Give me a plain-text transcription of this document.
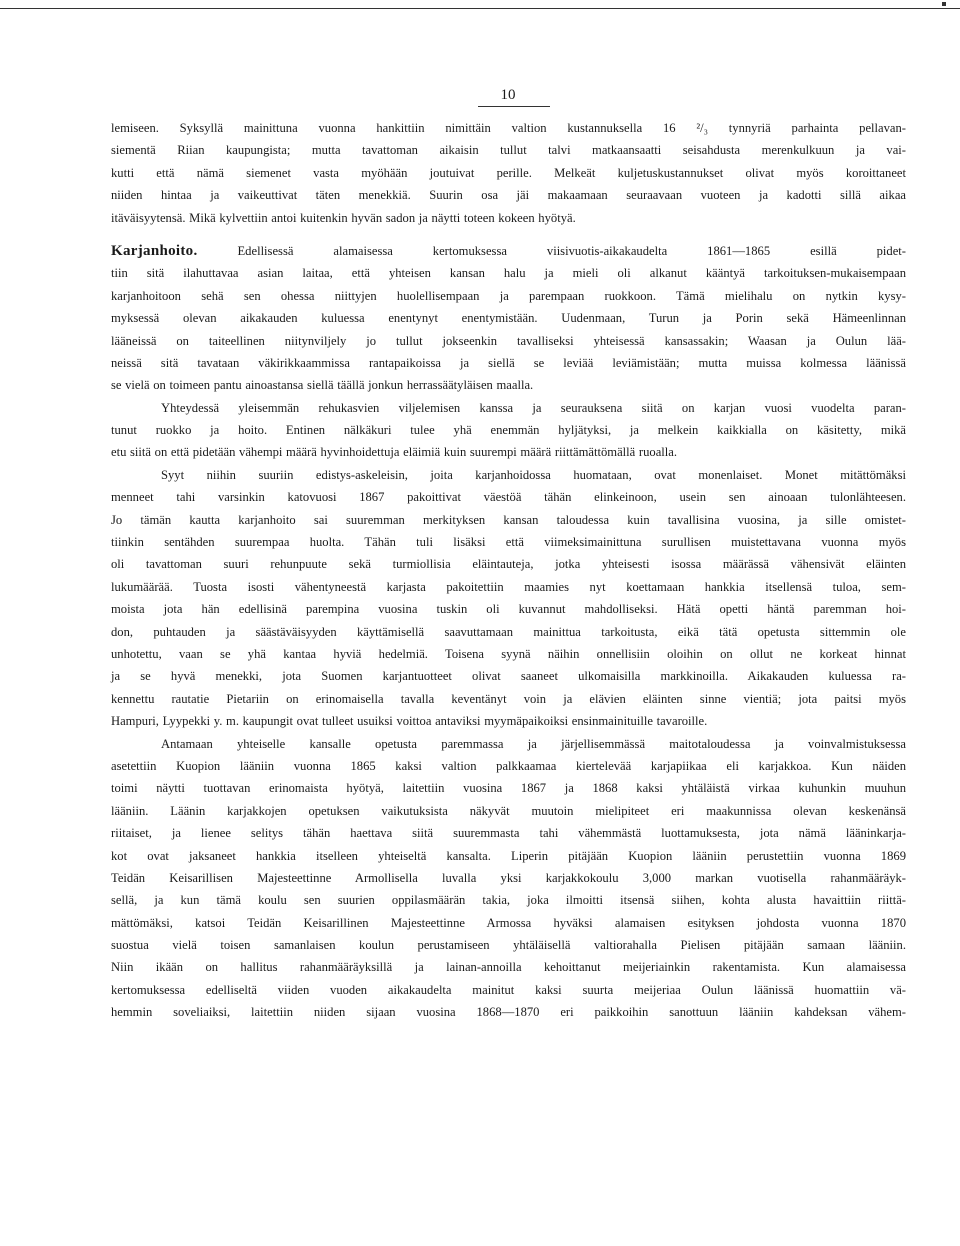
10
lemiseen. Syksyllä mainittuna vuonna hankittiin nimittäin valtion kustannuksella 16 ²/₃ tynnyriä parhainta pellavan-
siementä Riian kaupungista; mutta tavattoman aikaisin tullut talvi matkaansaatti seisahdusta merenkulkuun ja vai-
kutti että nämä siemenet vasta myöhään joutuivat perille. Melkeät kuljetuskustannukset olivat myös koroittaneet
niiden hintaa ja vaikeuttivat täten menekkiä. Suurin osa jäi makaamaan seuraavaan vuoteen ja kadotti sillä aikaa
itäväisyytensä. Mikä kylvettiin antoi kuitenkin hyvän sadon ja näytti toteen kokeen hyötyä.
Karjanhoito.	Edellisessä alamaisessa kertomuksessa viisivuotis-aikakaudelta 1861—1865 esillä pidet-
tiin sitä ilahuttavaa asian laitaa, että yhteisen kansan halu ja mieli oli alkanut kääntyä tarkoituksen-mukaisempaan
karjanhoitoon sehä sen ohessa niittyjen huolellisempaan ja parempaan ruokkoon. Tämä mielihalu on nytkin kysy-
myksessä olevan aikakauden kuluessa enentynyt enentymistään. Uudenmaan, Turun ja Porin sekä Hämeenlinnan
lääneissä on taiteellinen niitynviljely jo tullut jokseenkin tavalliseksi yhteisessä kansassakin; Waasan ja Oulun lää-
neissä sitä tavataan väkirikkaammissa rantapaikoissa ja siellä se leviää leviämistään; mutta muissa kolmessa läänissä
se vielä on toimeen pantu ainoastansa siellä täällä jonkun herrassäätyläisen maalla.
Yhteydessä yleisemmän rehukasvien viljelemisen kanssa ja seurauksena siitä on karjan vuosi vuodelta paran-
tunut ruokko ja hoito. Entinen nälkäkuri tulee yhä enemmän hyljätyksi, ja melkein kaikkialla on käsitetty, mikä
etu siitä on että pidetään vähempi määrä hyvinhoidettuja eläimiä kuin suurempi määrä riittämättömällä ruoalla.
Syyt niihin suuriin edistys-askeleisin, joita karjanhoidossa huomataan, ovat monenlaiset. Monet mitättömäksi
menneet tahi varsinkin katovuosi 1867 pakoittivat väestöä tähän elinkeinoon, usein sen ainoaan tulonlähteesen.
Jo tämän kautta karjanhoito sai suuremman merkityksen kansan taloudessa kuin tavallisina vuosina, ja sille omistet-
tiinkin sentähden suurempaa huolta. Tähän tuli lisäksi että viimeksimainittuna surullisen muistettavana vuonna myös
oli tavattoman suuri rehunpuute sekä turmiollisia eläintauteja, jotka yhteisesti isossa määrässä vähensivät eläinten
lukumäärää. Tuosta isosti vähentyneestä karjasta pakoitettiin maamies nyt koettamaan hankkia itsellensä tuloa, sem-
moista jota hän edellisinä parempina vuosina tuskin oli kuvannut mahdolliseksi. Hätä opetti häntä paremman hoi-
don, puhtauden ja säästäväisyyden käyttämisellä saavuttamaan mainittua tarkoitusta, eikä tätä opetusta sittemmin ole
unhotettu, vaan se yhä kantaa hyviä hedelmiä. Toisena syynä näihin onnellisiin oloihin on ollut ne korkeat hinnat
ja se hyvä menekki, jota Suomen karjantuotteet olivat saaneet ulkomaisilla markkinoilla. Aikakauden kuluessa ra-
kennettu rautatie Pietariin on erinomaisella tavalla keventänyt voin ja elävien eläinten sinne vientiä; jota paitsi myös
Hampuri, Lyypekki y. m. kaupungit ovat tulleet usuiksi voittoa antaviksi myymäpaikoiksi ensinmainituille tavaroille.
Antamaan yhteiselle kansalle opetusta paremmassa ja järjellisemmässä maitotaloudessa ja voinvalmistuksessa
asetettiin Kuopion lääniin vuonna 1865 kaksi valtion palkkaamaa kiertelevää karjapiikaa eli karjakkoa. Kun näiden
toimi näytti tuottavan erinomaista hyötyä, laitettiin vuosina 1867 ja 1868 kaksi yhtäläistä virkaa kuhunkin muuhun
lääniin. Läänin karjakkojen opetuksen vaikutuksista näkyvät muutoin mielipiteet eri maakunnissa olevan keskenänsä
riitaiset, ja lienee selitys tähän haettava siitä suuremmasta tahi vähemmästä luottamuksesta, jota nämä lääninkarja-
kot ovat jaksaneet hankkia itselleen yhteiseltä kansalta. Liperin pitäjään Kuopion lääniin perustettiin vuonna 1869
Teidän Keisarillisen Majesteettinne Armollisella luvalla yksi karjakkokoulu 3,000 markan vuotisella rahanmääräyk-
sellä, ja kun tämä koulu sen suurien oppilasmäärän takia, joka ilmoitti itsensä siihen, kohta alusta havaittiin riittä-
mättömäksi, katsoi Teidän Keisarillinen Majesteettinne Armossa hyväksi alamaisen esityksen johdosta vuonna 1870
suostua vielä toisen samanlaisen koulun perustamiseen yhtäläisellä valtiorahalla Pielisen pitäjään samaan lääniin.
Niin ikään on hallitus rahanmääräyksillä ja lainan-annoilla kehoittanut meijeriainkin rakentamista. Kun alamaisessa
kertomuksessa edelliseltä viiden vuoden aikakaudelta mainitut kaksi suurta meijeriaa Oulun läänissä huomattiin vä-
hemmin soveliaiksi, laitettiin niiden sijaan vuosina 1868—1870 eri paikkoihin sanottuun lääniin kahdeksan vähem-
